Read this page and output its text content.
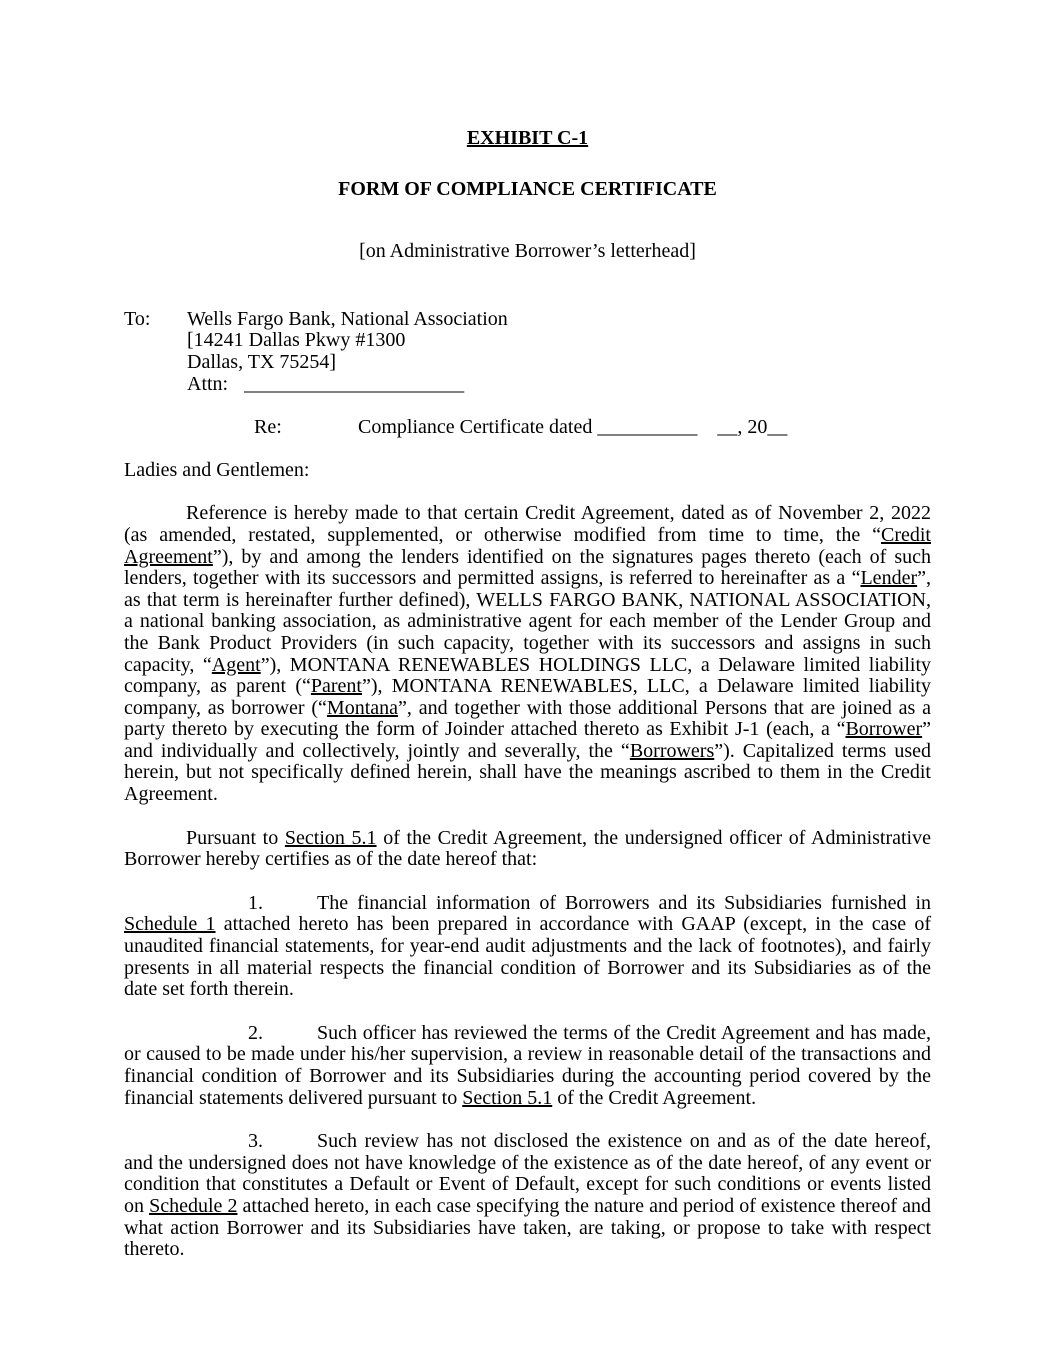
EXHIBIT C-1
FORM OF COMPLIANCE CERTIFICATE
[on Administrative Borrower’s letterhead]
To:	Wells Fargo Bank, National Association
[14241 Dallas Pkwy #1300
Dallas, TX 75254]
Attn: ______________________
Re:	Compliance Certificate dated __________    __, 20__
Ladies and Gentlemen:

Reference is hereby made to that certain Credit Agreement, dated as of November 2, 2022 (as amended, restated, supplemented, or otherwise modified from time to time, the “Credit Agreement”), by and among the lenders identified on the signatures pages thereto (each of such lenders, together with its successors and permitted assigns, is referred to hereinafter as a “Lender”, as that term is hereinafter further defined), WELLS FARGO BANK, NATIONAL ASSOCIATION, a national banking association, as administrative agent for each member of the Lender Group and the Bank Product Providers (in such capacity, together with its successors and assigns in such capacity, “Agent”), MONTANA RENEWABLES HOLDINGS LLC, a Delaware limited liability company, as parent (“Parent”), MONTANA RENEWABLES, LLC, a Delaware limited liability company, as borrower (“Montana”, and together with those additional Persons that are joined as a party thereto by executing the form of Joinder attached thereto as Exhibit J-1 (each, a “Borrower” and individually and collectively, jointly and severally, the “Borrowers”). Capitalized terms used herein, but not specifically defined herein, shall have the meanings ascribed to them in the Credit Agreement.

Pursuant to Section 5.1 of the Credit Agreement, the undersigned officer of Administrative Borrower hereby certifies as of the date hereof that:

1.	The financial information of Borrowers and its Subsidiaries furnished in Schedule 1 attached hereto has been prepared in accordance with GAAP (except, in the case of unaudited financial statements, for year-end audit adjustments and the lack of footnotes), and fairly presents in all material respects the financial condition of Borrower and its Subsidiaries as of the date set forth therein.

2.	Such officer has reviewed the terms of the Credit Agreement and has made, or caused to be made under his/her supervision, a review in reasonable detail of the transactions and financial condition of Borrower and its Subsidiaries during the accounting period covered by the financial statements delivered pursuant to Section 5.1 of the Credit Agreement.

3.	Such review has not disclosed the existence on and as of the date hereof, and the undersigned does not have knowledge of the existence as of the date hereof, of any event or condition that constitutes a Default or Event of Default, except for such conditions or events listed on Schedule 2 attached hereto, in each case specifying the nature and period of existence thereof and what action Borrower and its Subsidiaries have taken, are taking, or propose to take with respect thereto.
